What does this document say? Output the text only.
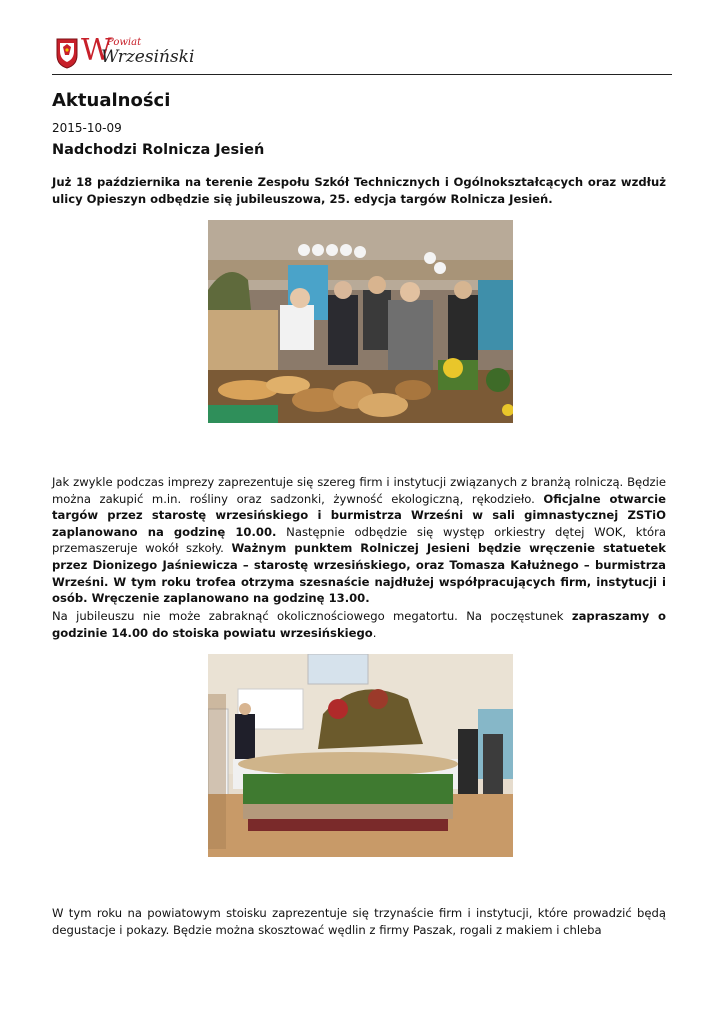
W
Powiat
Wrzesiński
Aktualności
2015-10-09
Nadchodzi Rolnicza Jesień
Już 18 października na terenie Zespołu Szkół Technicznych i Ogólnokształcących oraz wzdłuż ulicy Opieszyn odbędzie się jubileuszowa, 25. edycja targów Rolnicza Jesień.
Jak zwykle podczas imprezy zaprezentuje się szereg firm i instytucji związanych z branżą rolniczą. Będzie można zakupić m.in. rośliny oraz sadzonki, żywność ekologiczną, rękodzieło. Oficjalne otwarcie targów przez starostę wrzesińskiego i burmistrza Wrześni w sali gimnastycznej ZSTiO zaplanowano na godzinę 10.00. Następnie odbędzie się występ orkiestry dętej WOK, która przemaszeruje wokół szkoły. Ważnym punktem Rolniczej Jesieni będzie wręczenie statuetek przez Dionizego Jaśniewicza – starostę wrzesińskiego, oraz Tomasza Kałużnego – burmistrza Wrześni. W tym roku trofea otrzyma szesnaście najdłużej współpracujących firm, instytucji i osób. Wręczenie zaplanowano na godzinę 13.00.
Na jubileuszu nie może zabraknąć okolicznościowego megatortu. Na poczęstunek zapraszamy o godzinie 14.00 do stoiska powiatu wrzesińskiego.
W tym roku na powiatowym stoisku zaprezentuje się trzynaście firm i instytucji, które prowadzić będą degustacje i pokazy. Będzie można skosztować wędlin z firmy Paszak, rogali z makiem i chleba
